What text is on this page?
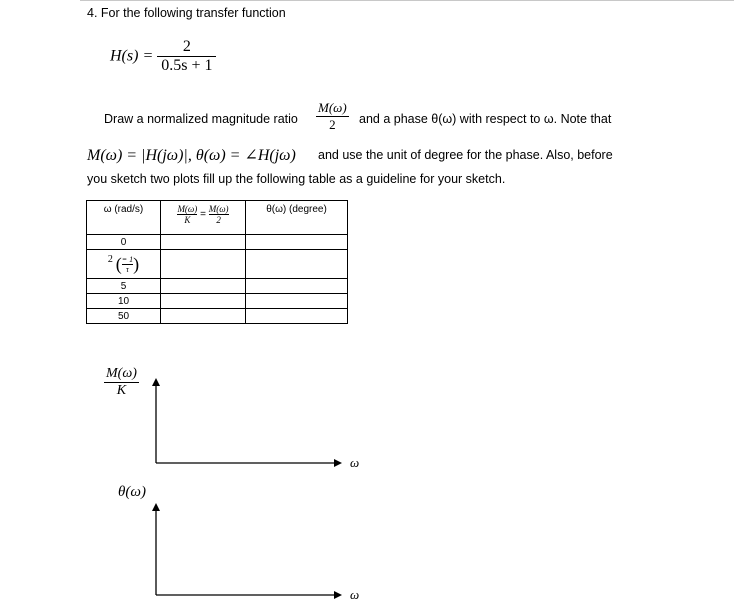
4. For the following transfer function
$H(s) = \frac{2}{0.5s + 1}$
Draw a normalized magnitude ratio $\frac{M(\omega)}{2}$ and a phase θ(ω) with respect to ω. Note that
M(ω) = |H(jω)|, θ(ω) = ∠H(jω) and use the unit of degree for the phase. Also, before
you sketch two plots fill up the following table as a guideline for your sketch.
ω (rad/s)	$\frac{M(\omega)}{K} = \frac{M(\omega)}{2}$	θ(ω) (degree)
0		
2 ( $\frac{= 1}{\tau}$ )		
5		
10		
50		
$\frac{M(\omega)}{K}$
ω
θ(ω)
ω
